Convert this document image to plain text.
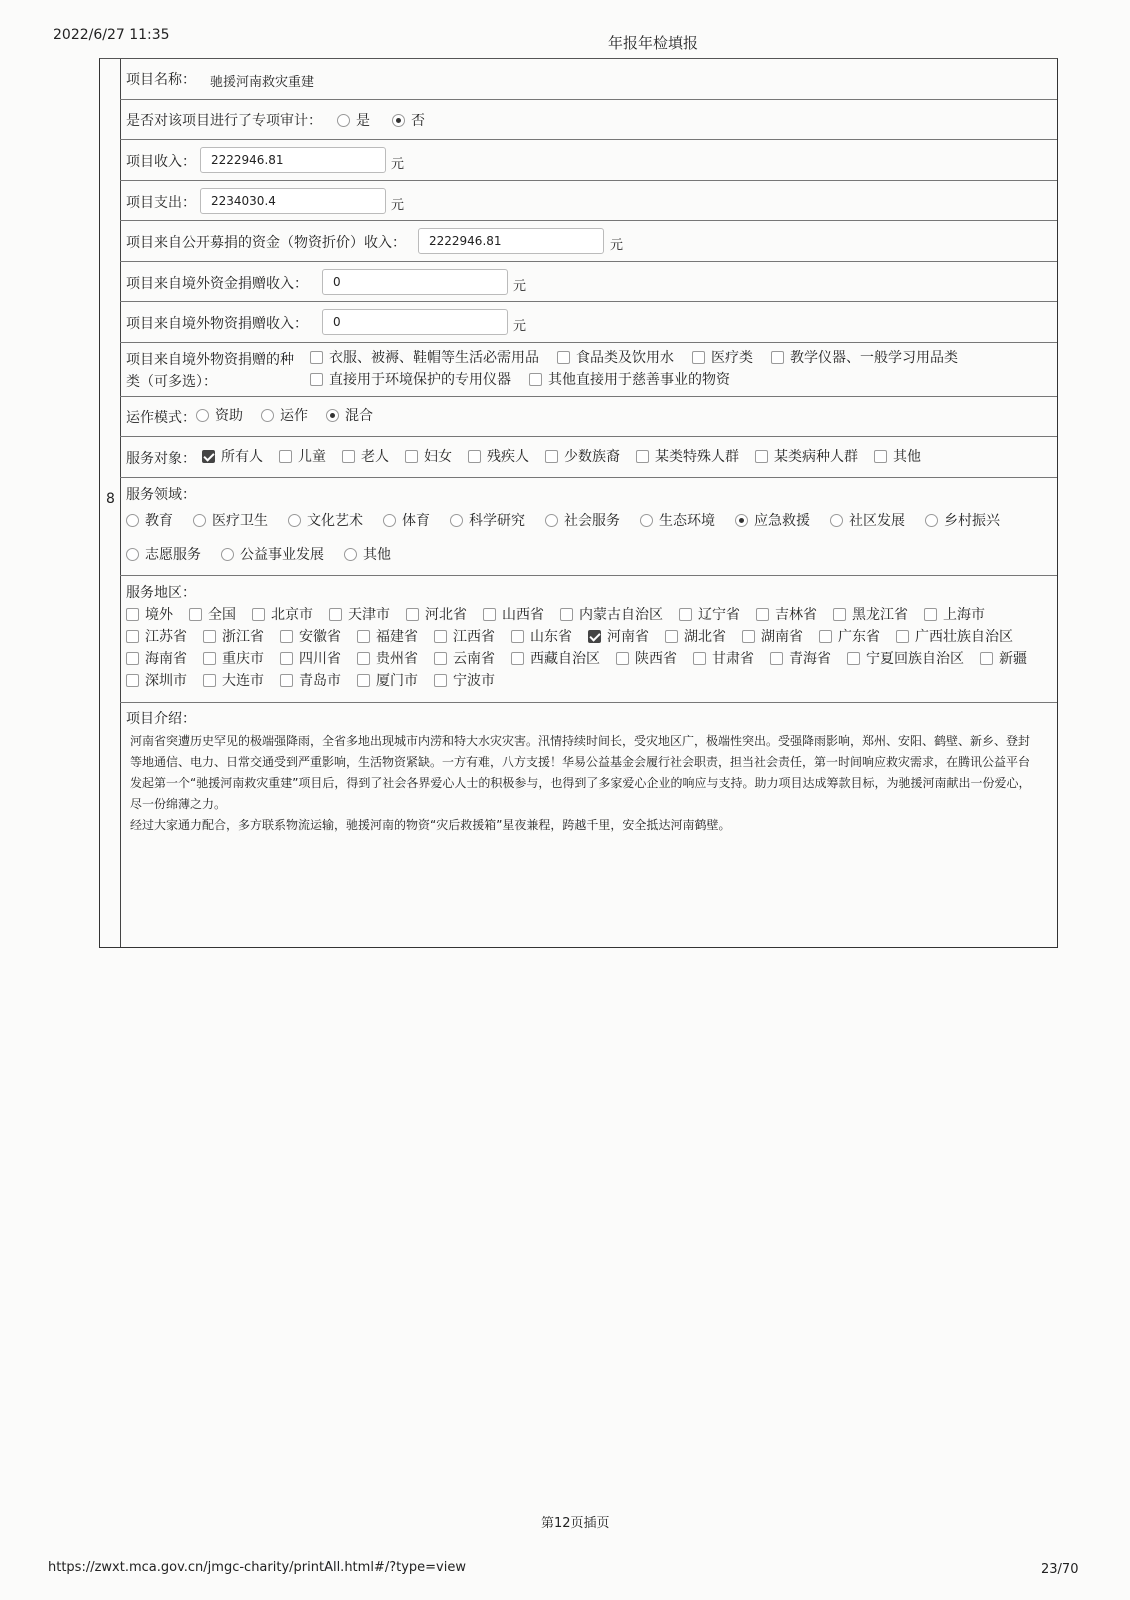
2022/6/27 11:35	年报年检填报
8
项目名称： 驰援河南救灾重建
是否对该项目进行了专项审计：	是	否
项目收入：	2222946.81	元
项目支出：	2234030.4	元
项目来自公开募捐的资金（物资折价）收入：	2222946.81	元
项目来自境外资金捐赠收入：	0	元
项目来自境外物资捐赠收入：	0	元
项目来自境外物资捐赠的种
类（可多选）：
衣服、被褥、鞋帽等生活必需用品	食品类及饮用水	医疗类	教学仪器、一般学习用品类
直接用于环境保护的专用仪器	其他直接用于慈善事业的物资
运作模式：	资助	运作	混合
服务对象：	所有人	儿童	老人	妇女	残疾人	少数族裔	某类特殊人群	某类病种人群	其他
服务领域：
教育	医疗卫生	文化艺术	体育	科学研究	社会服务	生态环境	应急救援	社区发展	乡村振兴
志愿服务	公益事业发展	其他
服务地区：
境外	全国	北京市	天津市	河北省	山西省	内蒙古自治区	辽宁省	吉林省	黑龙江省	上海市
江苏省	浙江省	安徽省	福建省	江西省	山东省	河南省	湖北省	湖南省	广东省	广西壮族自治区
海南省	重庆市	四川省	贵州省	云南省	西藏自治区	陕西省	甘肃省	青海省	宁夏回族自治区	新疆
深圳市	大连市	青岛市	厦门市	宁波市
项目介绍：

河南省突遭历史罕见的极端强降雨，全省多地出现城市内涝和特大水灾灾害。汛情持续时间长，受灾地区广，极端性突出。受强降雨影响，郑州、安阳、鹤壁、新乡、登封等地通信、电力、日常交通受到严重影响，生活物资紧缺。一方有难，八方支援！华易公益基金会履行社会职责，担当社会责任，第一时间响应救灾需求，在腾讯公益平台发起第一个“驰援河南救灾重建”项目后，得到了社会各界爱心人士的积极参与，也得到了多家爱心企业的响应与支持。助力项目达成筹款目标，为驰援河南献出一份爱心，尽一份绵薄之力。

经过大家通力配合，多方联系物流运输，驰援河南的物资“灾后救援箱”星夜兼程，跨越千里，安全抵达河南鹤壁。

第12页插页
https://zwxt.mca.gov.cn/jmgc-charity/printAll.html#/?type=view	23/70
